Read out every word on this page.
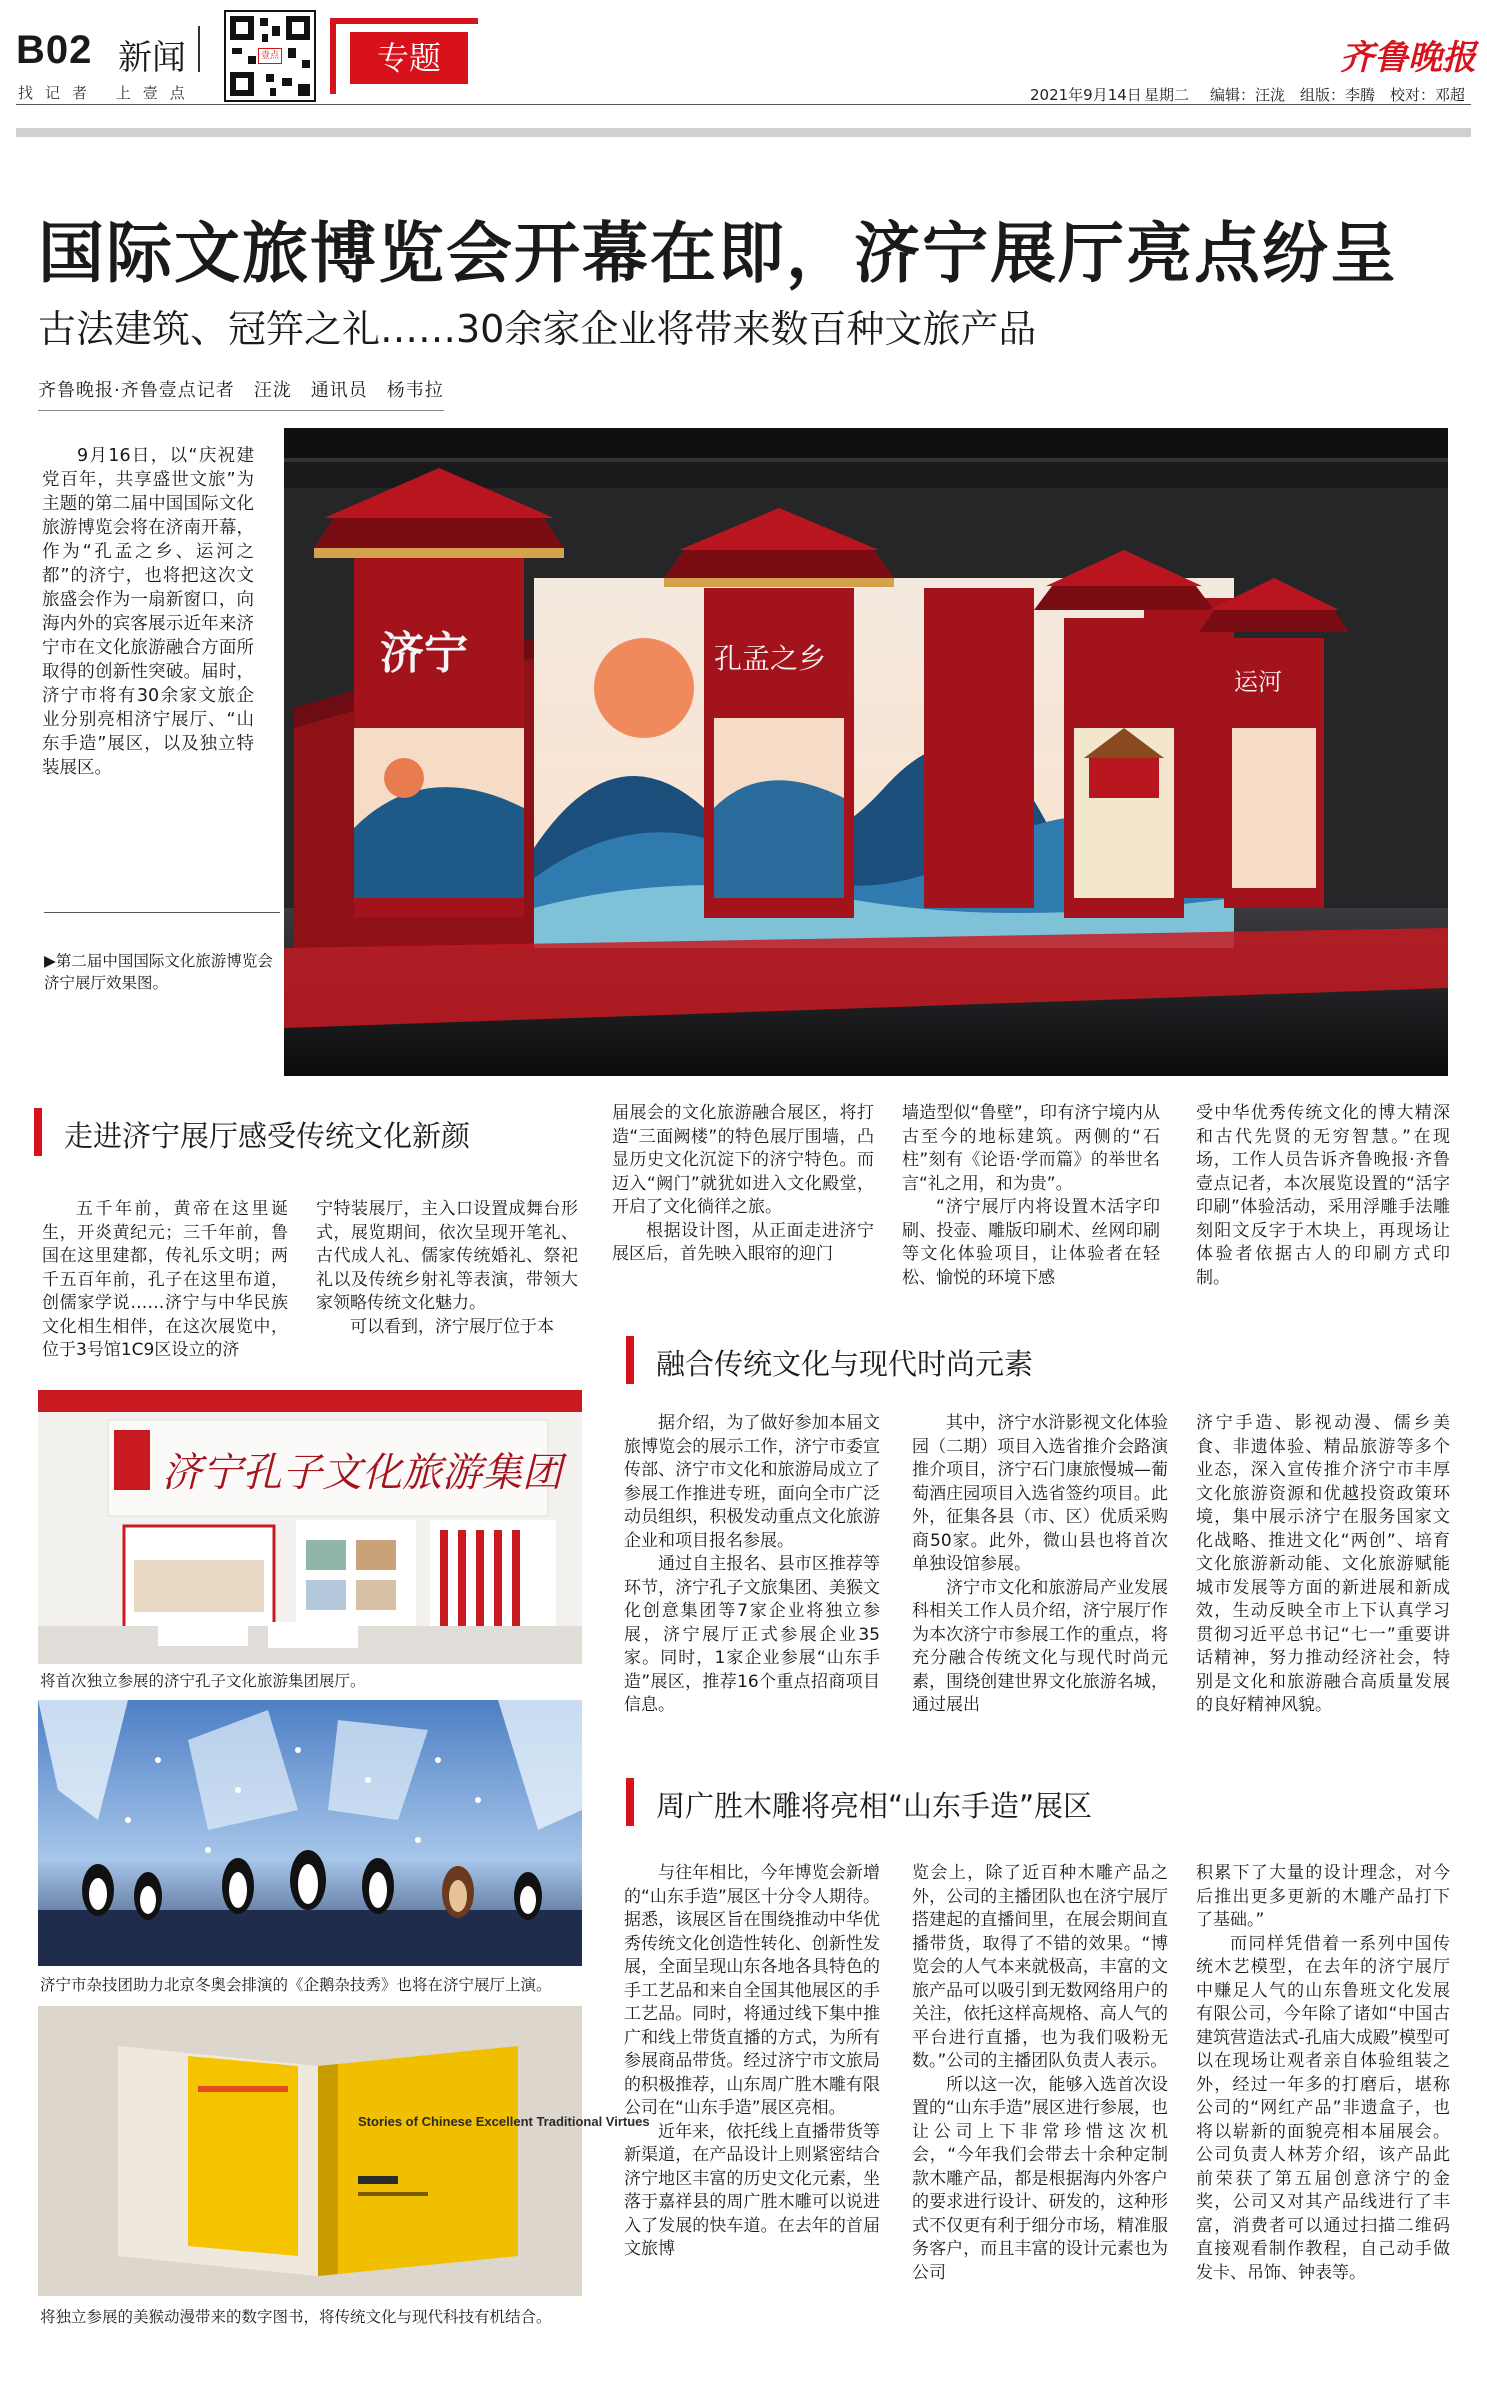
B02 新闻
找记者 上壹点
壹点	专题	齐鲁晚报
2021年9月14日 星期二 编辑：汪泷 组版：李腾 校对：邓超
国际文旅博览会开幕在即，济宁展厅亮点纷呈
古法建筑、冠笄之礼……30余家企业将带来数百种文旅产品
齐鲁晚报·齐鲁壹点记者　汪泷　通讯员　杨韦拉

9月16日，以“庆祝建党百年，共享盛世文旅”为主题的第二届中国国际文化旅游博览会将在济南开幕，作为“孔孟之乡、运河之都”的济宁，也将把这次文旅盛会作为一扇新窗口，向海内外的宾客展示近年来济宁市在文化旅游融合方面所取得的创新性突破。届时，济宁市将有30余家文旅企业分别亮相济宁展厅、“山东手造”展区，以及独立特装展区。

▶第二届中国国际文化旅游博览会济宁展厅效果图。
济宁	孔孟之乡
运河
走进济宁展厅感受传统文化新颜

五千年前，黄帝在这里诞生，开炎黄纪元；三千年前，鲁国在这里建都，传礼乐文明；两千五百年前，孔子在这里布道，创儒家学说……济宁与中华民族文化相生相伴，在这次展览中，位于3号馆1C9区设立的济

宁特装展厅，主入口设置成舞台形式，展览期间，依次呈现开笔礼、古代成人礼、儒家传统婚礼、祭祀礼以及传统乡射礼等表演，带领大家领略传统文化魅力。

可以看到，济宁展厅位于本

届展会的文化旅游融合展区，将打造“三面阙楼”的特色展厅围墙，凸显历史文化沉淀下的济宁特色。而迈入“阙门”就犹如进入文化殿堂，开启了文化徜徉之旅。

根据设计图，从正面走进济宁展区后，首先映入眼帘的迎门

墙造型似“鲁壁”，印有济宁境内从古至今的地标建筑。两侧的“石柱”刻有《论语·学而篇》的举世名言“礼之用，和为贵”。

“济宁展厅内将设置木活字印刷、投壶、雕版印刷术、丝网印刷等文化体验项目，让体验者在轻松、愉悦的环境下感

受中华优秀传统文化的博大精深和古代先贤的无穷智慧。”在现场，工作人员告诉齐鲁晚报·齐鲁壹点记者，本次展览设置的“活字印刷”体验活动，采用浮雕手法雕刻阳文反字于木块上，再现场让体验者依据古人的印刷方式印制。

济宁孔子文化旅游集团
将首次独立参展的济宁孔子文化旅游集团展厅。
济宁市杂技团助力北京冬奥会排演的《企鹅杂技秀》也将在济宁展厅上演。
Stories of Chinese Excellent Traditional Virtues
将独立参展的美猴动漫带来的数字图书，将传统文化与现代科技有机结合。
融合传统文化与现代时尚元素

据介绍，为了做好参加本届文旅博览会的展示工作，济宁市委宣传部、济宁市文化和旅游局成立了参展工作推进专班，面向全市广泛动员组织，积极发动重点文化旅游企业和项目报名参展。

通过自主报名、县市区推荐等环节，济宁孔子文旅集团、美猴文化创意集团等7家企业将独立参展，济宁展厅正式参展企业35家。同时，1家企业参展“山东手造”展区，推荐16个重点招商项目信息。

其中，济宁水浒影视文化体验园（二期）项目入选省推介会路演推介项目，济宁石门康旅慢城—葡萄酒庄园项目入选省签约项目。此外，征集各县（市、区）优质采购商50家。此外，微山县也将首次单独设馆参展。

济宁市文化和旅游局产业发展科相关工作人员介绍，济宁展厅作为本次济宁市参展工作的重点，将充分融合传统文化与现代时尚元素，围绕创建世界文化旅游名城，通过展出

济宁手造、影视动漫、儒乡美食、非遗体验、精品旅游等多个业态，深入宣传推介济宁市丰厚文化旅游资源和优越投资政策环境，集中展示济宁在服务国家文化战略、推进文化“两创”、培育文化旅游新动能、文化旅游赋能城市发展等方面的新进展和新成效，生动反映全市上下认真学习贯彻习近平总书记“七一”重要讲话精神，努力推动经济社会，特别是文化和旅游融合高质量发展的良好精神风貌。

周广胜木雕将亮相“山东手造”展区

与往年相比，今年博览会新增的“山东手造”展区十分令人期待。据悉，该展区旨在围绕推动中华优秀传统文化创造性转化、创新性发展，全面呈现山东各地各具特色的手工艺品和来自全国其他展区的手工艺品。同时，将通过线下集中推广和线上带货直播的方式，为所有参展商品带货。经过济宁市文旅局的积极推荐，山东周广胜木雕有限公司在“山东手造”展区亮相。

近年来，依托线上直播带货等新渠道，在产品设计上则紧密结合济宁地区丰富的历史文化元素，坐落于嘉祥县的周广胜木雕可以说进入了发展的快车道。在去年的首届文旅博

览会上，除了近百种木雕产品之外，公司的主播团队也在济宁展厅搭建起的直播间里，在展会期间直播带货，取得了不错的效果。“博览会的人气本来就极高，丰富的文旅产品可以吸引到无数网络用户的关注，依托这样高规格、高人气的平台进行直播，也为我们吸粉无数。”公司的主播团队负责人表示。

所以这一次，能够入选首次设置的“山东手造”展区进行参展，也让公司上下非常珍惜这次机会，“今年我们会带去十余种定制款木雕产品，都是根据海内外客户的要求进行设计、研发的，这种形式不仅更有利于细分市场，精准服务客户，而且丰富的设计元素也为公司

积累下了大量的设计理念，对今后推出更多更新的木雕产品打下了基础。”

而同样凭借着一系列中国传统木艺模型，在去年的济宁展厅中赚足人气的山东鲁班文化发展有限公司，今年除了诸如“中国古建筑营造法式-孔庙大成殿”模型可以在现场让观者亲自体验组装之外，经过一年多的打磨后，堪称公司的“网红产品”非遗盒子，也将以崭新的面貌亮相本届展会。公司负责人林芳介绍，该产品此前荣获了第五届创意济宁的金奖，公司又对其产品线进行了丰富，消费者可以通过扫描二维码直接观看制作教程，自己动手做发卡、吊饰、钟表等。
